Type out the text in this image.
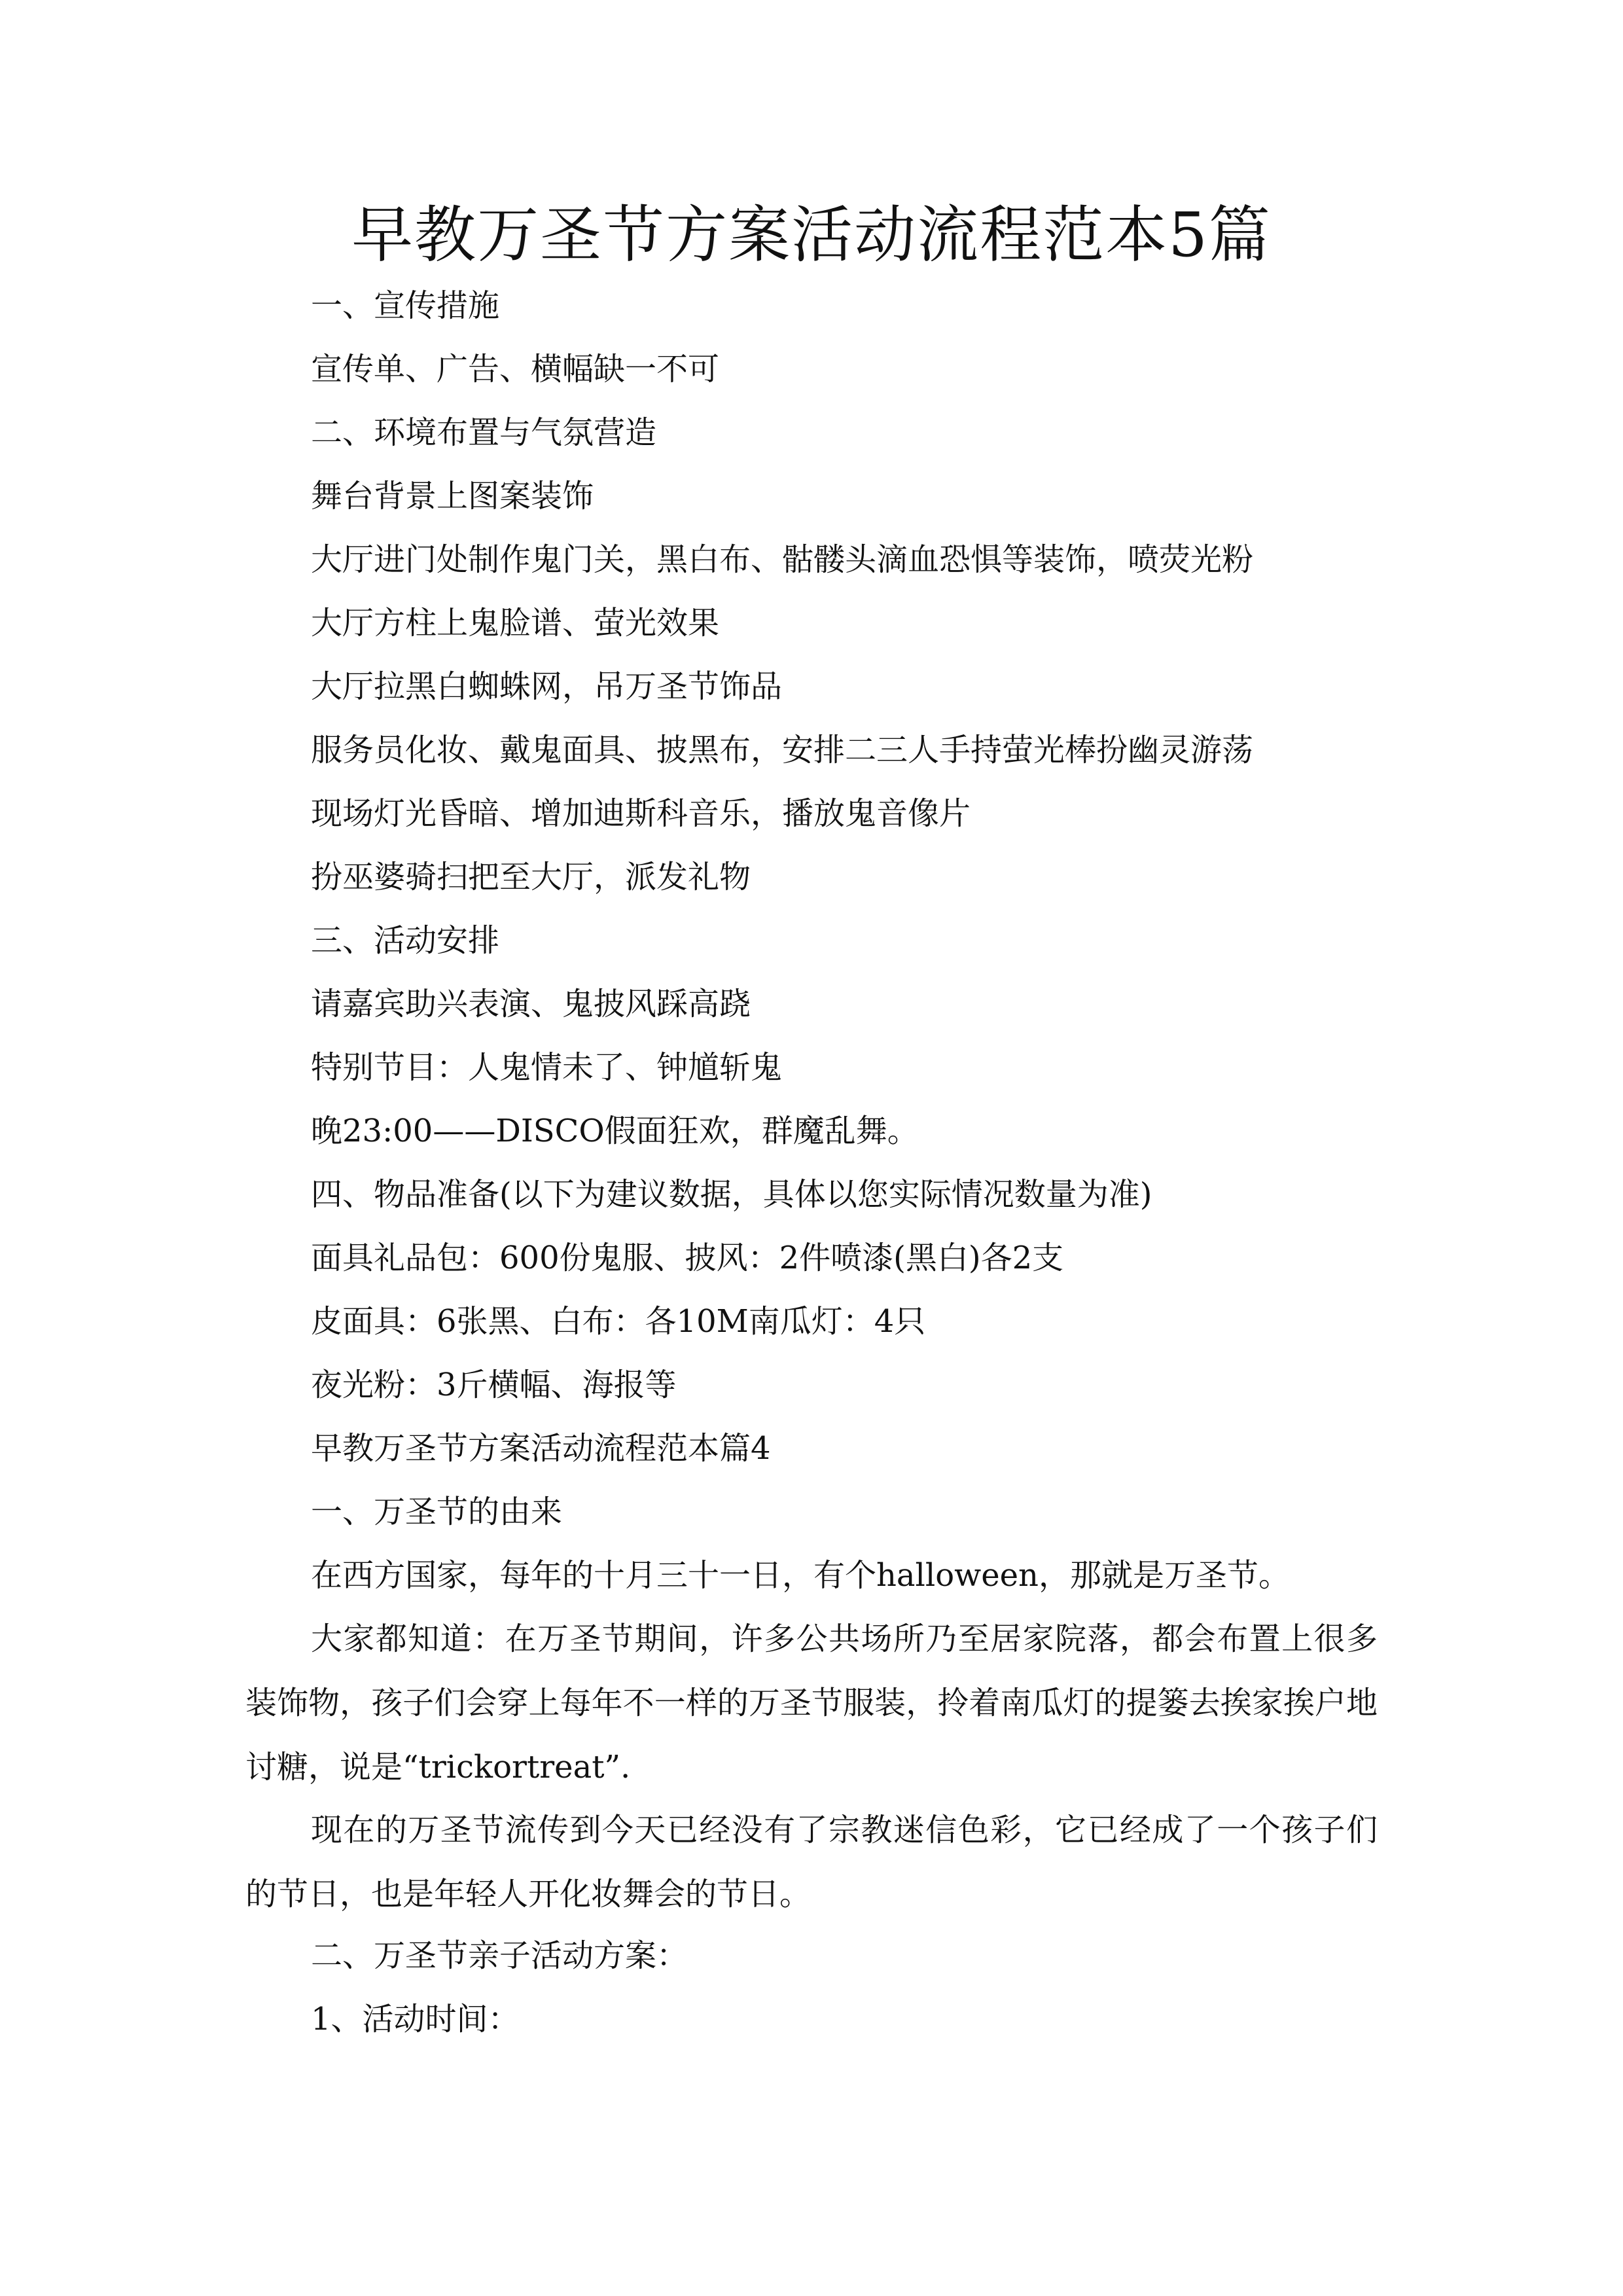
早教万圣节方案活动流程范本5篇

一、宣传措施

宣传单、广告、横幅缺一不可

二、环境布置与气氛营造

舞台背景上图案装饰

大厅进门处制作鬼门关，黑白布、骷髅头滴血恐惧等装饰，喷荧光粉

大厅方柱上鬼脸谱、萤光效果

大厅拉黑白蜘蛛网，吊万圣节饰品

服务员化妆、戴鬼面具、披黑布，安排二三人手持萤光棒扮幽灵游荡

现场灯光昏暗、增加迪斯科音乐，播放鬼音像片

扮巫婆骑扫把至大厅，派发礼物

三、活动安排

请嘉宾助兴表演、鬼披风踩高跷

特别节目：人鬼情未了、钟馗斩鬼

晚23:00——DISCO假面狂欢，群魔乱舞。

四、物品准备(以下为建议数据，具体以您实际情况数量为准)

面具礼品包：600份鬼服、披风：2件喷漆(黑白)各2支

皮面具：6张黑、白布：各10M南瓜灯：4只

夜光粉：3斤横幅、海报等

早教万圣节方案活动流程范本篇4

一、万圣节的由来

在西方国家，每年的十月三十一日，有个halloween，那就是万圣节。

大家都知道：在万圣节期间，许多公共场所乃至居家院落，都会布置上很多装饰物，孩子们会穿上每年不一样的万圣节服装，拎着南瓜灯的提篓去挨家挨户地讨糖，说是“trickortreat”.

现在的万圣节流传到今天已经没有了宗教迷信色彩，它已经成了一个孩子们的节日，也是年轻人开化妆舞会的节日。

二、万圣节亲子活动方案：

1、活动时间：
